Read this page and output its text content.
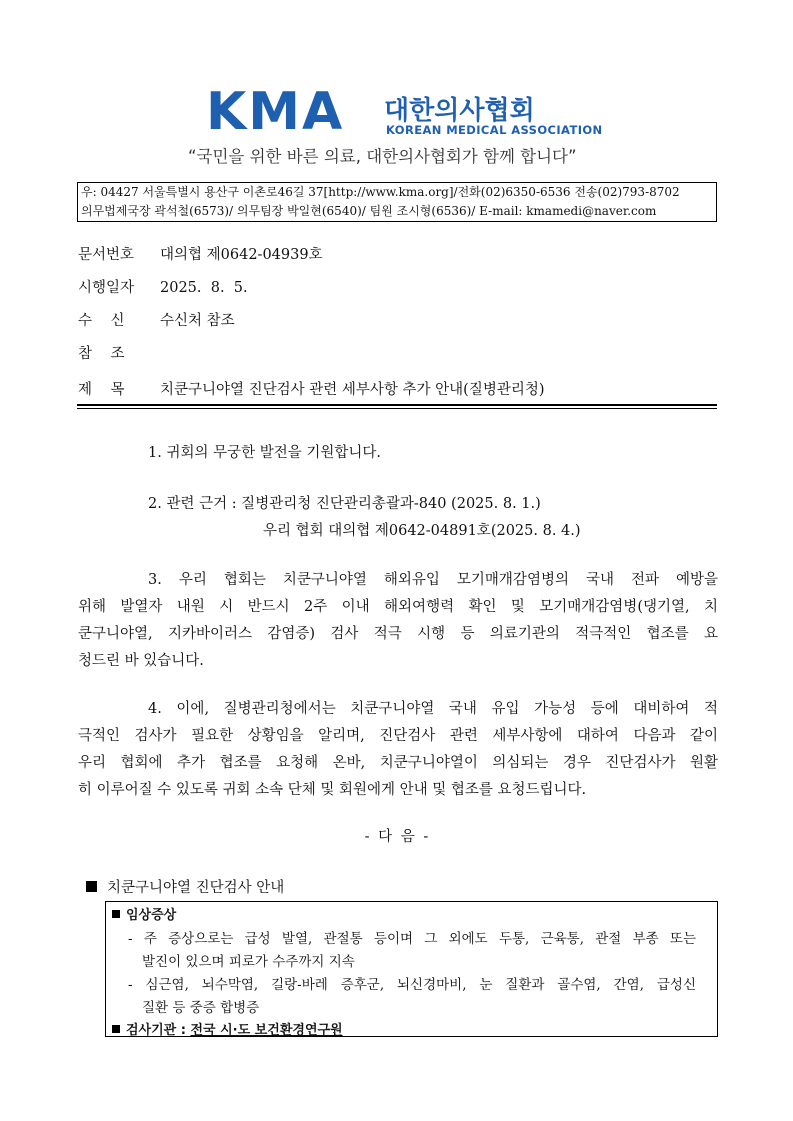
KMA 대한의사협회
KOREAN MEDICAL ASSOCIATION
“국민을 위한 바른 의료, 대한의사협회가 함께 합니다”
우: 04427 서울특별시 용산구 이촌로46길 37[http://www.kma.org]/전화(02)6350-6536 전송(02)793-8702
의무법제국장 곽석철(6573)/ 의무팀장 박일현(6540)/ 팀원 조시형(6536)/ E-mail: kmamedi@naver.com
문서번호 대의협 제0642-04939호
시행일자 2025.  8.  5.
수    신 수신처 참조
참    조
제    목 치쿤구니야열 진단검사 관련 세부사항 추가 안내(질병관리청)
1. 귀회의 무궁한 발전을 기원합니다.
2. 관련 근거 : 질병관리청 진단관리총괄과-840 (2025. 8. 1.)
우리 협회 대의협 제0642-04891호(2025. 8. 4.)
3. 우리 협회는 치쿤구니야열 해외유입 모기매개감염병의 국내 전파 예방을
위해 발열자 내원 시 반드시 2주 이내 해외여행력 확인 및 모기매개감염병(댕기열, 치
쿤구니야열, 지카바이러스 감염증) 검사 적극 시행 등 의료기관의 적극적인 협조를 요
청드린 바 있습니다.
4. 이에, 질병관리청에서는 치쿤구니야열 국내 유입 가능성 등에 대비하여 적
극적인 검사가 필요한 상황임을 알리며, 진단검사 관련 세부사항에 대하여 다음과 같이
우리 협회에 추가 협조를 요청해 온바, 치쿤구니야열이 의심되는 경우 진단검사가 원활
히 이루어질 수 있도록 귀회 소속 단체 및 회원에게 안내 및 협조를 요청드립니다.
- 다 음 -
치쿤구니야열 진단검사 안내
임상증상
- 주 증상으로는 급성 발열, 관절통 등이며 그 외에도 두통, 근육통, 관절 부종 또는
발진이 있으며 피로가 수주까지 지속
- 심근염, 뇌수막염, 길랑-바레 증후군, 뇌신경마비, 눈 질환과 골수염, 간염, 급성신
질환 등 중증 합병증
검사기관 : 전국 시·도 보건환경연구원
